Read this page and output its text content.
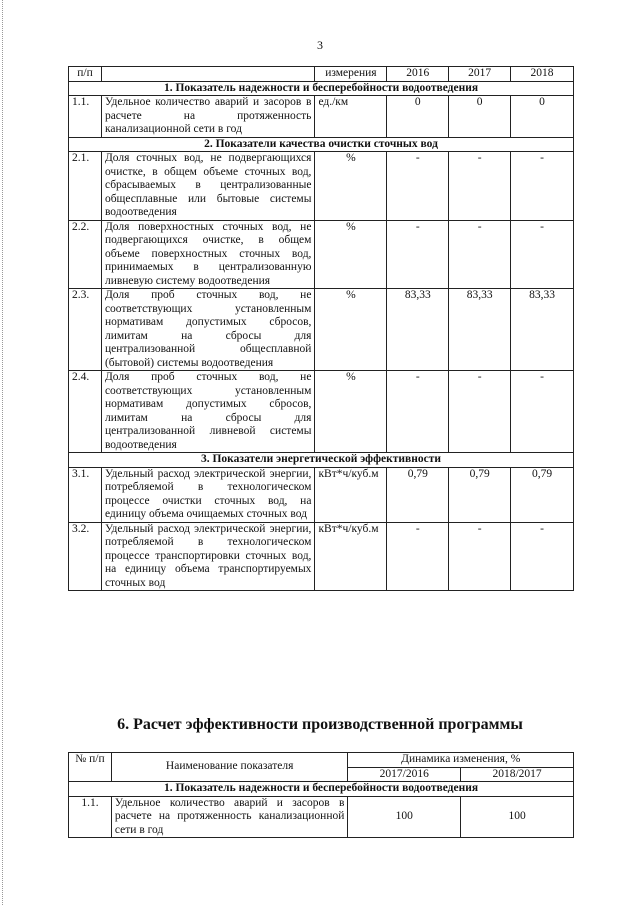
3
п/п		измерения	2016	2017	2018
1. Показатель надежности и бесперебойности водоотведения					
1.1.	Удельное количество аварий и засоров в расчете на протяженность канализационной сети в год	ед./км	0	0	0
2. Показатели качества очистки сточных вод					
2.1.	Доля сточных вод, не подвергающихся очистке, в общем объеме сточных вод, сбрасываемых в централизованные общесплавные или бытовые системы водоотведения	%	-	-	-
2.2.	Доля поверхностных сточных вод, не подвергающихся очистке, в общем объеме поверхностных сточных вод, принимаемых в централизованную ливневую систему водоотведения	%	-	-	-
2.3.	Доля проб сточных вод, не соответствующих установленным нормативам допустимых сбросов, лимитам на сбросы для централизованной общесплавной (бытовой) системы водоотведения	%	83,33	83,33	83,33
2.4.	Доля проб сточных вод, не соответствующих установленным нормативам допустимых сбросов, лимитам на сбросы для централизованной ливневой системы водоотведения	%	-	-	-
3. Показатели энергетической эффективности					
3.1.	Удельный расход электрической энергии, потребляемой в технологическом процессе очистки сточных вод, на единицу объема очищаемых сточных вод	кВт*ч/куб.м	0,79	0,79	0,79
3.2.	Удельный расход электрической энергии, потребляемой в технологическом процессе транспортировки сточных вод, на единицу объема транспортируемых сточных вод	кВт*ч/куб.м	-	-	-
6. Расчет эффективности производственной программы
№ п/п	Наименование показателя	Динамика изменения, %	
		2017/2016	2018/2017
1. Показатель надежности и бесперебойности водоотведения			
1.1.	Удельное количество аварий и засоров в расчете на протяженность канализационной сети в год	100	100
